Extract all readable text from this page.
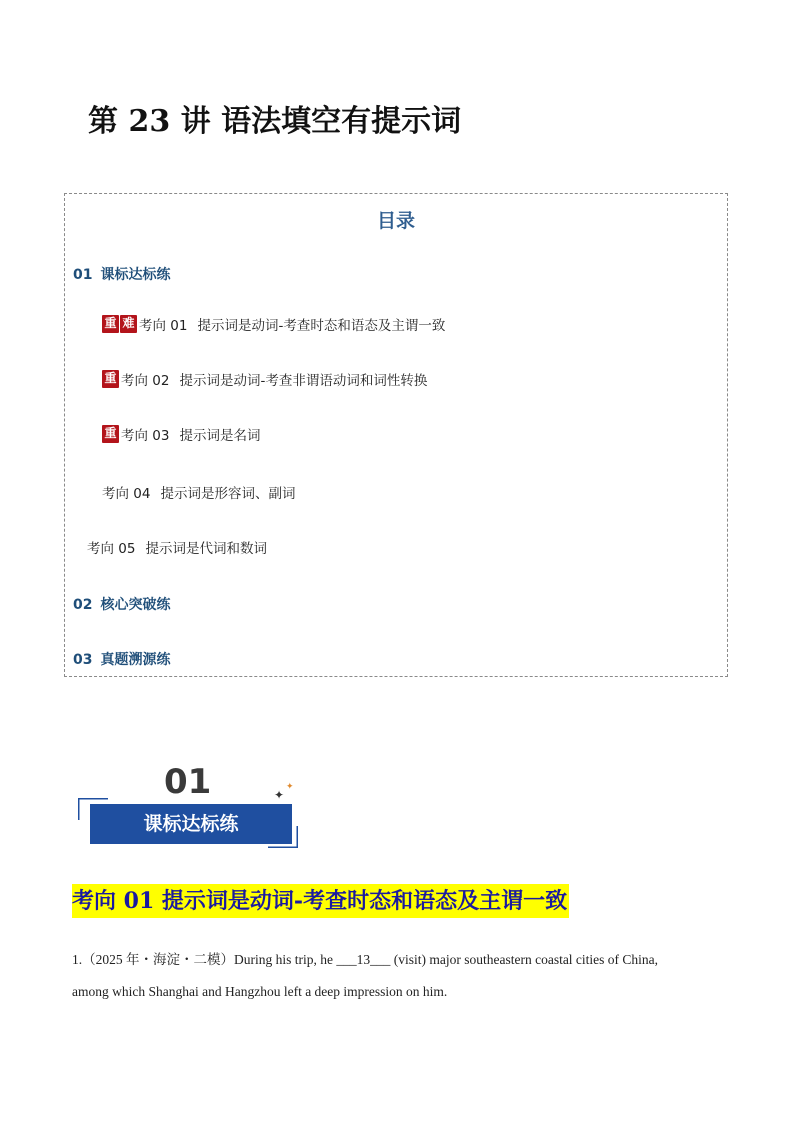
第 23 讲 语法填空有提示词
目录
01 课标达标练
重 难 考向 01 提示词是动词-考查时态和语态及主谓一致
重 考向 02 提示词是动词-考查非谓语动词和词性转换
重 考向 03 提示词是名词
考向 04 提示词是形容词、副词
考向 05 提示词是代词和数词
02 核心突破练
03 真题溯源练
01
课标达标练
✦
✦
考向 01 提示词是动词-考查时态和语态及主谓一致
1.（2025 年・海淀・二模）During his trip, he ___13___ (visit) major southeastern coastal cities of China,
among which Shanghai and Hangzhou left a deep impression on him.
